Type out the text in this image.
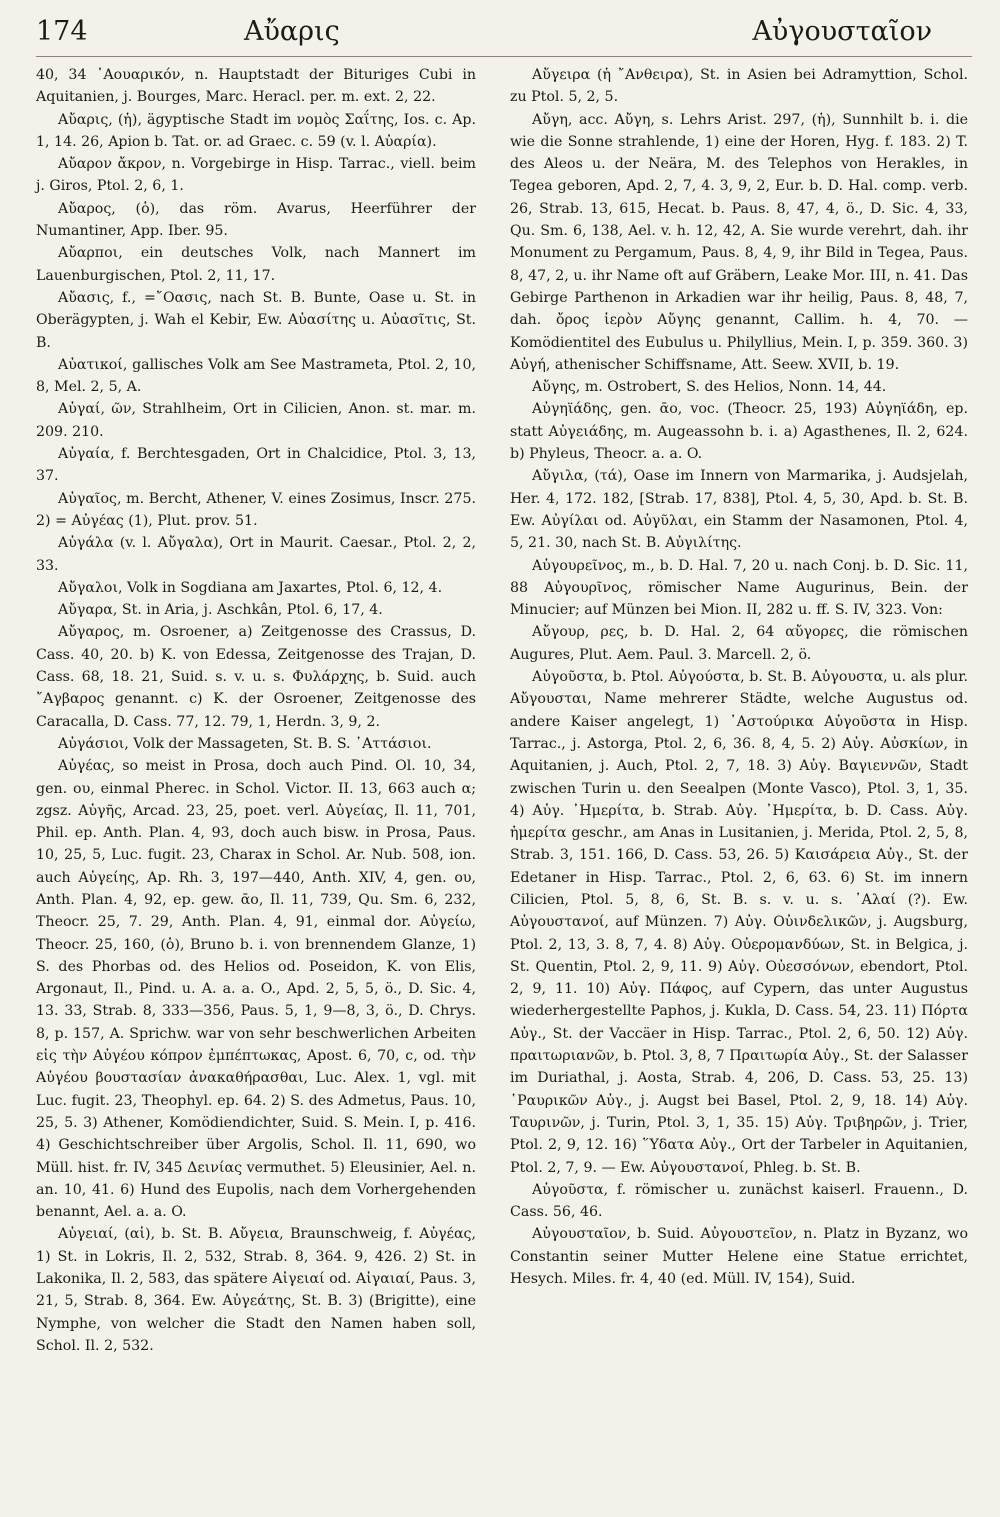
174	Αὔαρις	Αὐγουσταῖον

40, 34 ᾽Αουαρικόν, n. Hauptstadt der Bituriges Cubi in Aquitanien, j. Bourges, Marc. Heracl. per. m. ext. 2, 22.

Αὔαρις, (ἡ), ägyptische Stadt im νομὸς Σαΐτης, Ios. c. Ap. 1, 14. 26, Apion b. Tat. or. ad Graec. c. 59 (v. l. Αὐαρία).

Αὔαρον ἄκρον, n. Vorgebirge in Hisp. Tarrac., viell. beim j. Giros, Ptol. 2, 6, 1.

Αὔαρος, (ὁ), das röm. Avarus, Heerführer der Numantiner, App. Iber. 95.

Αὔαρποι, ein deutsches Volk, nach Mannert im Lauenburgischen, Ptol. 2, 11, 17.

Αὔασις, f., =῎Οασις, nach St. B. Bunte, Oase u. St. in Oberägypten, j. Wah el Kebir, Ew. Αὐασίτης u. Αὐασῖτις, St. B.

Αὐατικοί, gallisches Volk am See Mastrameta, Ptol. 2, 10, 8, Mel. 2, 5, A.

Αὐγαί, ῶν, Strahlheim, Ort in Cilicien, Anon. st. mar. m. 209. 210.

Αὐγαία, f. Berchtesgaden, Ort in Chalcidice, Ptol. 3, 13, 37.

Αὐγαῖος, m. Bercht, Athener, V. eines Zosimus, Inscr. 275. 2) = Αὐγέας (1), Plut. prov. 51.

Αὐγάλα (v. l. Αὔγαλα), Ort in Maurit. Caesar., Ptol. 2, 2, 33.

Αὔγαλοι, Volk in Sogdiana am Jaxartes, Ptol. 6, 12, 4.

Αὔγαρα, St. in Aria, j. Aschkân, Ptol. 6, 17, 4.

Αὔγαρος, m. Osroener, a) Zeitgenosse des Crassus, D. Cass. 40, 20. b) K. von Edessa, Zeitgenosse des Trajan, D. Cass. 68, 18. 21, Suid. s. v. u. s. Φυλάρχης, b. Suid. auch ῎Αγβαρος genannt. c) K. der Osroener, Zeitgenosse des Caracalla, D. Cass. 77, 12. 79, 1, Herdn. 3, 9, 2.

Αὐγάσιοι, Volk der Massageten, St. B. S. ᾽Αττάσιοι.

Αὐγέας, so meist in Prosa, doch auch Pind. Ol. 10, 34, gen. ου, einmal Pherec. in Schol. Victor. II. 13, 663 auch α; zgsz. Αὐγῆς, Arcad. 23, 25, poet. verl. Αὐγείας, Il. 11, 701, Phil. ep. Anth. Plan. 4, 93, doch auch bisw. in Prosa, Paus. 10, 25, 5, Luc. fugit. 23, Charax in Schol. Ar. Nub. 508, ion. auch Αὐγείης, Ap. Rh. 3, 197—440, Anth. XIV, 4, gen. ου, Anth. Plan. 4, 92, ep. gew. ᾱο, Il. 11, 739, Qu. Sm. 6, 232, Theocr. 25, 7. 29, Anth. Plan. 4, 91, einmal dor. Αὐγείω, Theocr. 25, 160, (ὁ), Bruno b. i. von brennendem Glanze, 1) S. des Phorbas od. des Helios od. Poseidon, K. von Elis, Argonaut, Il., Pind. u. A. a. a. O., Apd. 2, 5, 5, ö., D. Sic. 4, 13. 33, Strab. 8, 333—356, Paus. 5, 1, 9—8, 3, ö., D. Chrys. 8, p. 157, A. Sprichw. war von sehr beschwerlichen Arbeiten εἰς τὴν Αὐγέου κόπρον ἐμπέπτωκας, Apost. 6, 70, c, od. τὴν Αὐγέου βουστασίαν ἀνακαθήρασθαι, Luc. Alex. 1, vgl. mit Luc. fugit. 23, Theophyl. ep. 64. 2) S. des Admetus, Paus. 10, 25, 5. 3) Athener, Komödiendichter, Suid. S. Mein. I, p. 416. 4) Geschichtschreiber über Argolis, Schol. Il. 11, 690, wo Müll. hist. fr. IV, 345 Δεινίας vermuthet. 5) Eleusinier, Ael. n. an. 10, 41. 6) Hund des Eupolis, nach dem Vorhergehenden benannt, Ael. a. a. O.

Αὐγειαί, (αἱ), b. St. B. Αὔγεια, Braunschweig, f. Αὐγέας, 1) St. in Lokris, Il. 2, 532, Strab. 8, 364. 9, 426. 2) St. in Lakonika, Il. 2, 583, das spätere Αἰγειαί od. Αἰγαιαί, Paus. 3, 21, 5, Strab. 8, 364. Ew. Αὐγεάτης, St. B. 3) (Brigitte), eine Nymphe, von welcher die Stadt den Namen haben soll, Schol. Il. 2, 532.

Αὔγειρα (ἡ ῎Ανθειρα), St. in Asien bei Adramyttion, Schol. zu Ptol. 5, 2, 5.

Αὔγη, acc. Αὔγη, s. Lehrs Arist. 297, (ἡ), Sunnhilt b. i. die wie die Sonne strahlende, 1) eine der Horen, Hyg. f. 183. 2) T. des Aleos u. der Neära, M. des Telephos von Herakles, in Tegea geboren, Apd. 2, 7, 4. 3, 9, 2, Eur. b. D. Hal. comp. verb. 26, Strab. 13, 615, Hecat. b. Paus. 8, 47, 4, ö., D. Sic. 4, 33, Qu. Sm. 6, 138, Ael. v. h. 12, 42, A. Sie wurde verehrt, dah. ihr Monument zu Pergamum, Paus. 8, 4, 9, ihr Bild in Tegea, Paus. 8, 47, 2, u. ihr Name oft auf Gräbern, Leake Mor. III, n. 41. Das Gebirge Parthenon in Arkadien war ihr heilig, Paus. 8, 48, 7, dah. ὄρος ἱερὸν Αὔγης genannt, Callim. h. 4, 70. — Komödientitel des Eubulus u. Philyllius, Mein. I, p. 359. 360. 3) Αὐγή, athenischer Schiffsname, Att. Seew. XVII, b. 19.

Αὔγης, m. Ostrobert, S. des Helios, Nonn. 14, 44.

Αὐγηϊάδης, gen. ᾱο, voc. (Theocr. 25, 193) Αὐγηϊάδη, ep. statt Αὐγειάδης, m. Augeassohn b. i. a) Agasthenes, Il. 2, 624. b) Phyleus, Theocr. a. a. O.

Αὔγιλα, (τά), Oase im Innern von Marmarika, j. Audsjelah, Her. 4, 172. 182, [Strab. 17, 838], Ptol. 4, 5, 30, Apd. b. St. B. Ew. Αὐγίλαι od. Αὐγῦλαι, ein Stamm der Nasamonen, Ptol. 4, 5, 21. 30, nach St. B. Αὐγιλίτης.

Αὐγουρεῖνος, m., b. D. Hal. 7, 20 u. nach Conj. b. D. Sic. 11, 88 Αὐγουρῖνος, römischer Name Augurinus, Bein. der Minucier; auf Münzen bei Mion. II, 282 u. ff. S. IV, 323. Von:

Αὔγουρ, ρες, b. D. Hal. 2, 64 αὔγορες, die römischen Augures, Plut. Aem. Paul. 3. Marcell. 2, ö.

Αὐγοῦστα, b. Ptol. Αὐγούστα, b. St. B. Αὐγουστα, u. als plur. Αὔγουσται, Name mehrerer Städte, welche Augustus od. andere Kaiser angelegt, 1) ᾽Αστούρικα Αὐγοῦστα in Hisp. Tarrac., j. Astorga, Ptol. 2, 6, 36. 8, 4, 5. 2) Αὐγ. Αὐσκίων, in Aquitanien, j. Auch, Ptol. 2, 7, 18. 3) Αὐγ. Βαγιεννῶν, Stadt zwischen Turin u. den Seealpen (Monte Vasco), Ptol. 3, 1, 35. 4) Αὐγ. ᾽Ημερίτα, b. Strab. Αὐγ. ᾽Ημερίτα, b. D. Cass. Αὐγ. ἡμερίτα geschr., am Anas in Lusitanien, j. Merida, Ptol. 2, 5, 8, Strab. 3, 151. 166, D. Cass. 53, 26. 5) Καισάρεια Αὐγ., St. der Edetaner in Hisp. Tarrac., Ptol. 2, 6, 63. 6) St. im innern Cilicien, Ptol. 5, 8, 6, St. B. s. v. u. s. ᾽Αλαί (?). Ew. Αὐγουστανοί, auf Münzen. 7) Αὐγ. Οὐινδελικῶν, j. Augsburg, Ptol. 2, 13, 3. 8, 7, 4. 8) Αὐγ. Οὐερομανδύων, St. in Belgica, j. St. Quentin, Ptol. 2, 9, 11. 9) Αὐγ. Οὐεσσόνων, ebendort, Ptol. 2, 9, 11. 10) Αὐγ. Πάφος, auf Cypern, das unter Augustus wiederhergestellte Paphos, j. Kukla, D. Cass. 54, 23. 11) Πόρτα Αὐγ., St. der Vaccäer in Hisp. Tarrac., Ptol. 2, 6, 50. 12) Αὐγ. πραιτωριανῶν, b. Ptol. 3, 8, 7 Πραιτωρία Αὐγ., St. der Salasser im Duriathal, j. Aosta, Strab. 4, 206, D. Cass. 53, 25. 13) ῾Ραυρικῶν Αὐγ., j. Augst bei Basel, Ptol. 2, 9, 18. 14) Αὐγ. Ταυρινῶν, j. Turin, Ptol. 3, 1, 35. 15) Αὐγ. Τριβηρῶν, j. Trier, Ptol. 2, 9, 12. 16) ῞Υδατα Αὐγ., Ort der Tarbeler in Aquitanien, Ptol. 2, 7, 9. — Ew. Αὐγουστανοί, Phleg. b. St. B.

Αὐγοῦστα, f. römischer u. zunächst kaiserl. Frauenn., D. Cass. 56, 46.

Αὐγουσταῖον, b. Suid. Αὐγουστεῖον, n. Platz in Byzanz, wo Constantin seiner Mutter Helene eine Statue errichtet, Hesych. Miles. fr. 4, 40 (ed. Müll. IV, 154), Suid.
